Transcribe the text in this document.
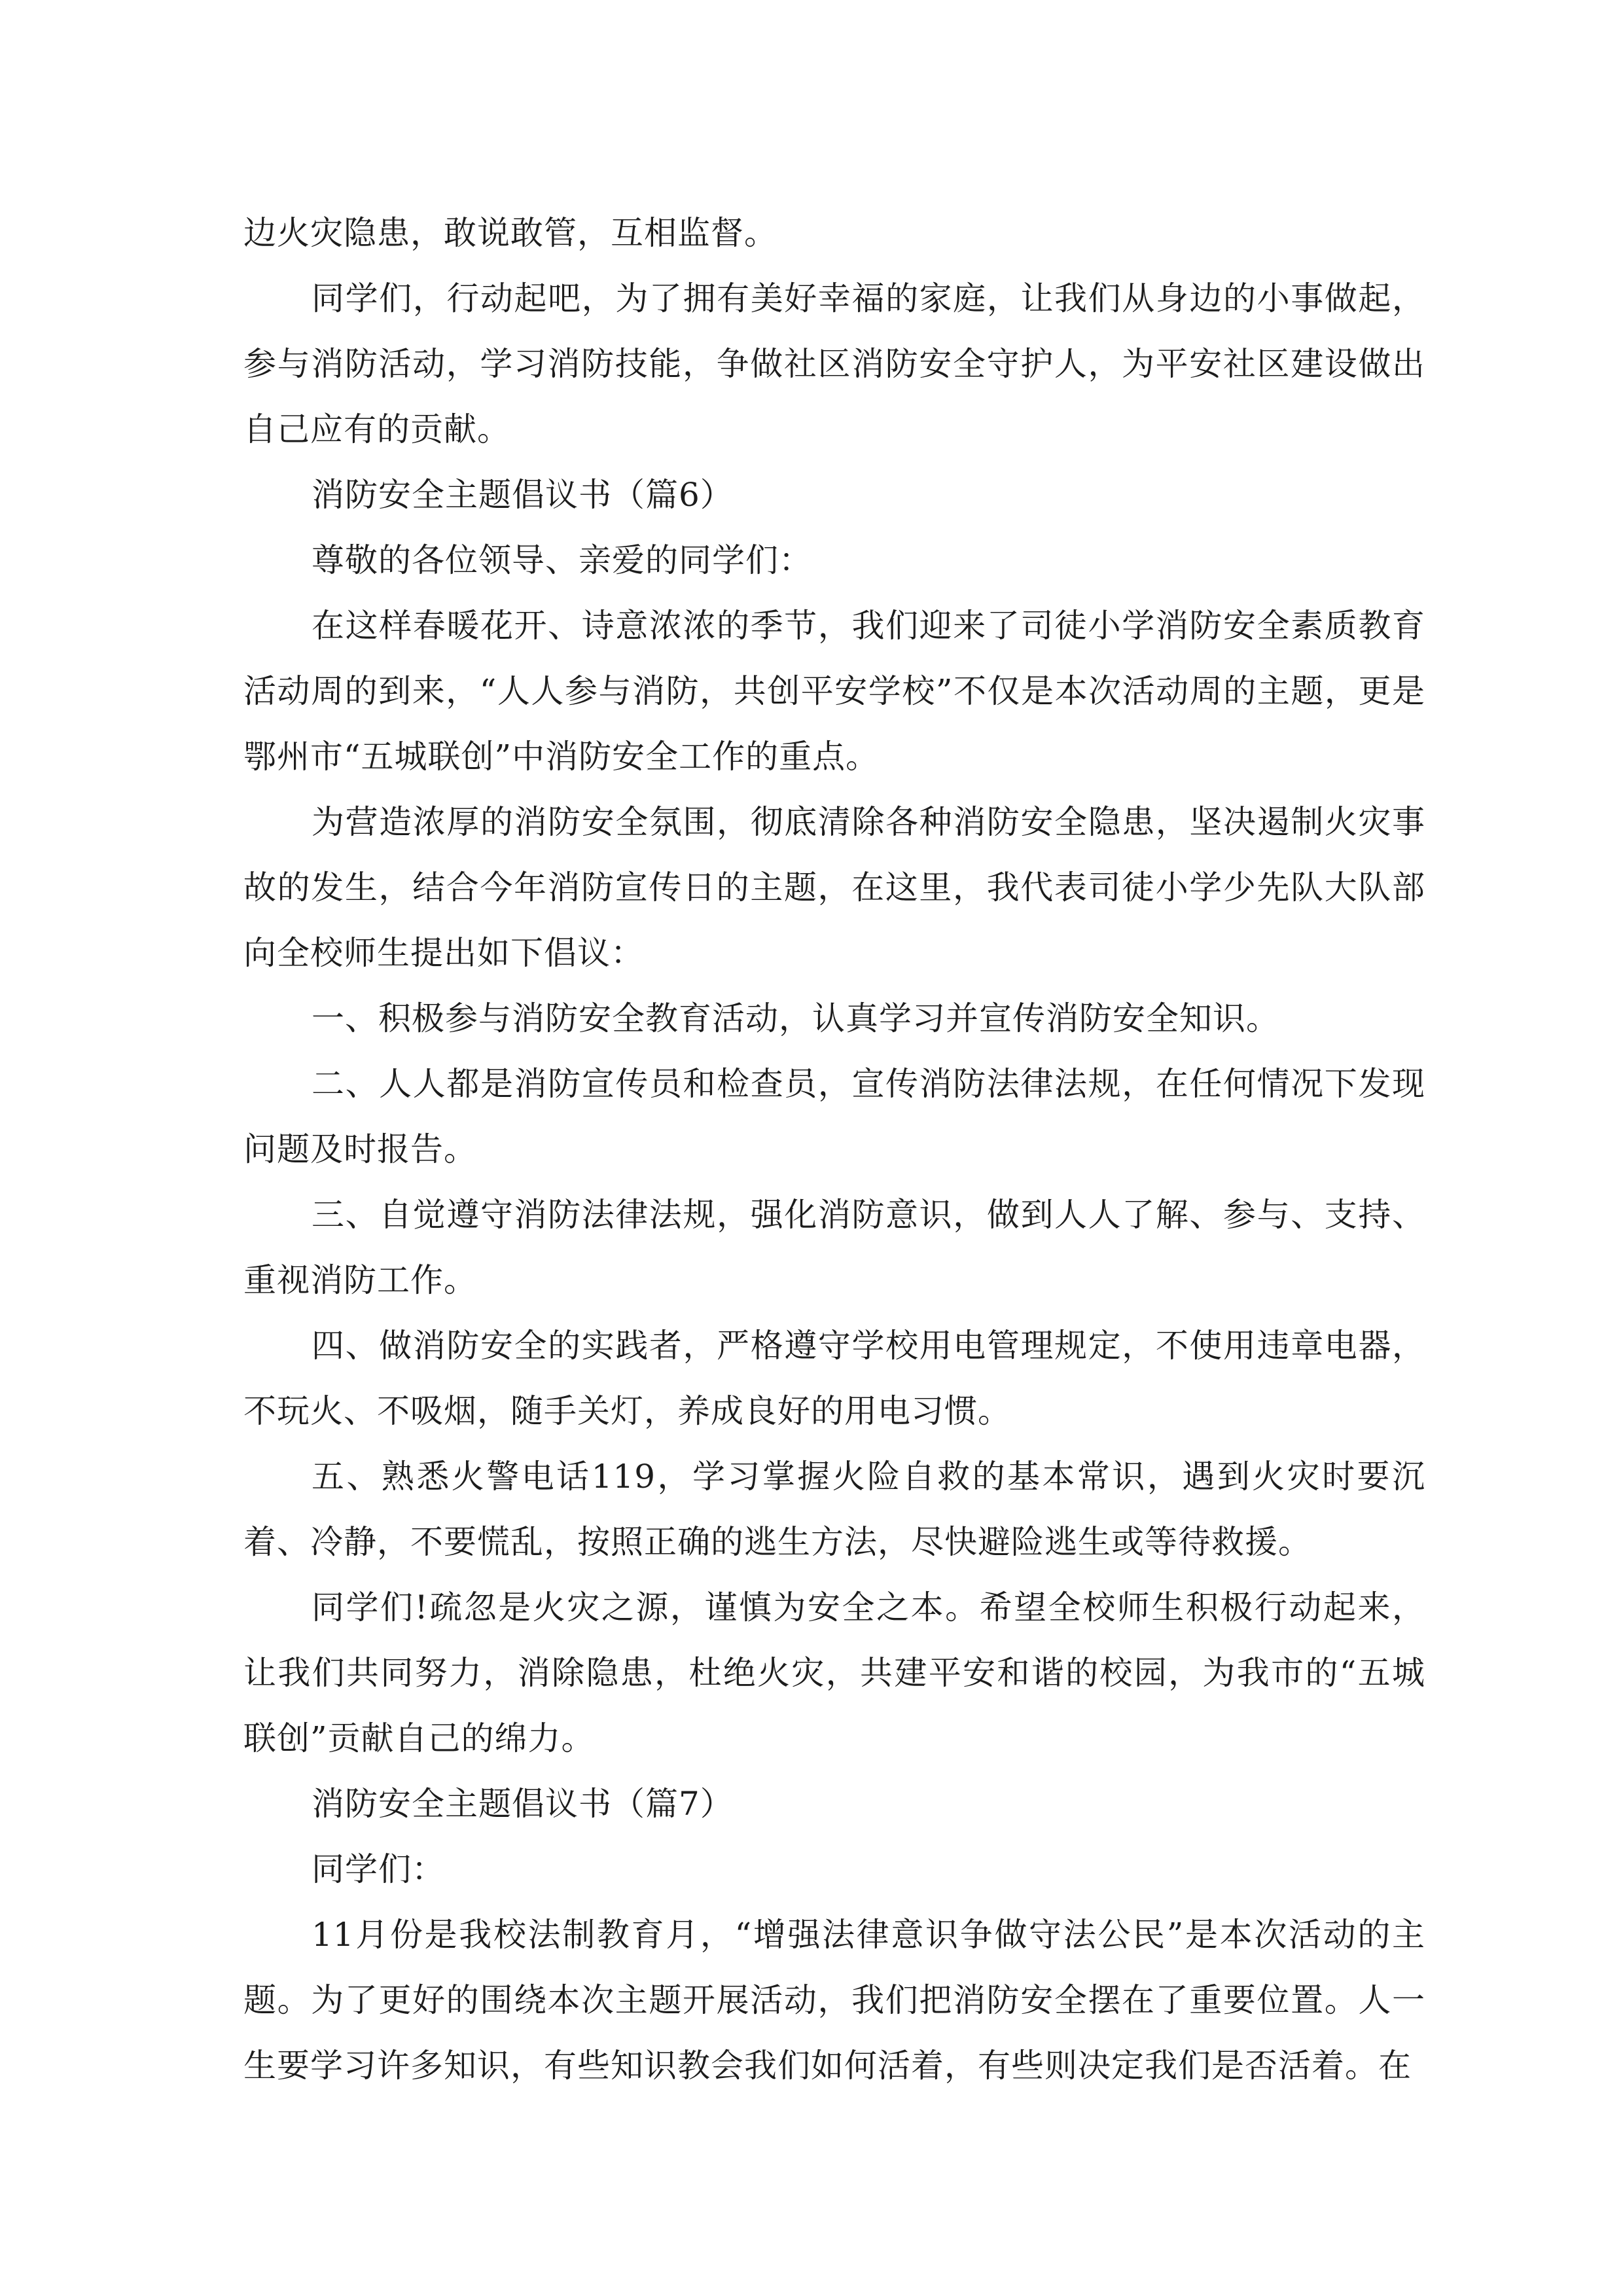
边火灾隐患，敢说敢管，互相监督。

同学们，行动起吧，为了拥有美好幸福的家庭，让我们从身边的小事做起，参与消防活动，学习消防技能，争做社区消防安全守护人，为平安社区建设做出自己应有的贡献。

消防安全主题倡议书（篇6）

尊敬的各位领导、亲爱的同学们：

在这样春暖花开、诗意浓浓的季节，我们迎来了司徒小学消防安全素质教育活动周的到来，“人人参与消防，共创平安学校”不仅是本次活动周的主题，更是鄂州市“五城联创”中消防安全工作的重点。

为营造浓厚的消防安全氛围，彻底清除各种消防安全隐患，坚决遏制火灾事故的发生，结合今年消防宣传日的主题，在这里，我代表司徒小学少先队大队部向全校师生提出如下倡议：

一、积极参与消防安全教育活动，认真学习并宣传消防安全知识。

二、人人都是消防宣传员和检查员，宣传消防法律法规，在任何情况下发现问题及时报告。

三、自觉遵守消防法律法规，强化消防意识，做到人人了解、参与、支持、重视消防工作。

四、做消防安全的实践者，严格遵守学校用电管理规定，不使用违章电器，不玩火、不吸烟，随手关灯，养成良好的用电习惯。

五、熟悉火警电话119，学习掌握火险自救的基本常识，遇到火灾时要沉着、冷静，不要慌乱，按照正确的逃生方法，尽快避险逃生或等待救援。

同学们!疏忽是火灾之源，谨慎为安全之本。希望全校师生积极行动起来，让我们共同努力，消除隐患，杜绝火灾，共建平安和谐的校园，为我市的“五城联创”贡献自己的绵力。

消防安全主题倡议书（篇7）

同学们：

11月份是我校法制教育月，“增强法律意识争做守法公民”是本次活动的主题。为了更好的围绕本次主题开展活动，我们把消防安全摆在了重要位置。人一生要学习许多知识，有些知识教会我们如何活着，有些则决定我们是否活着。在
